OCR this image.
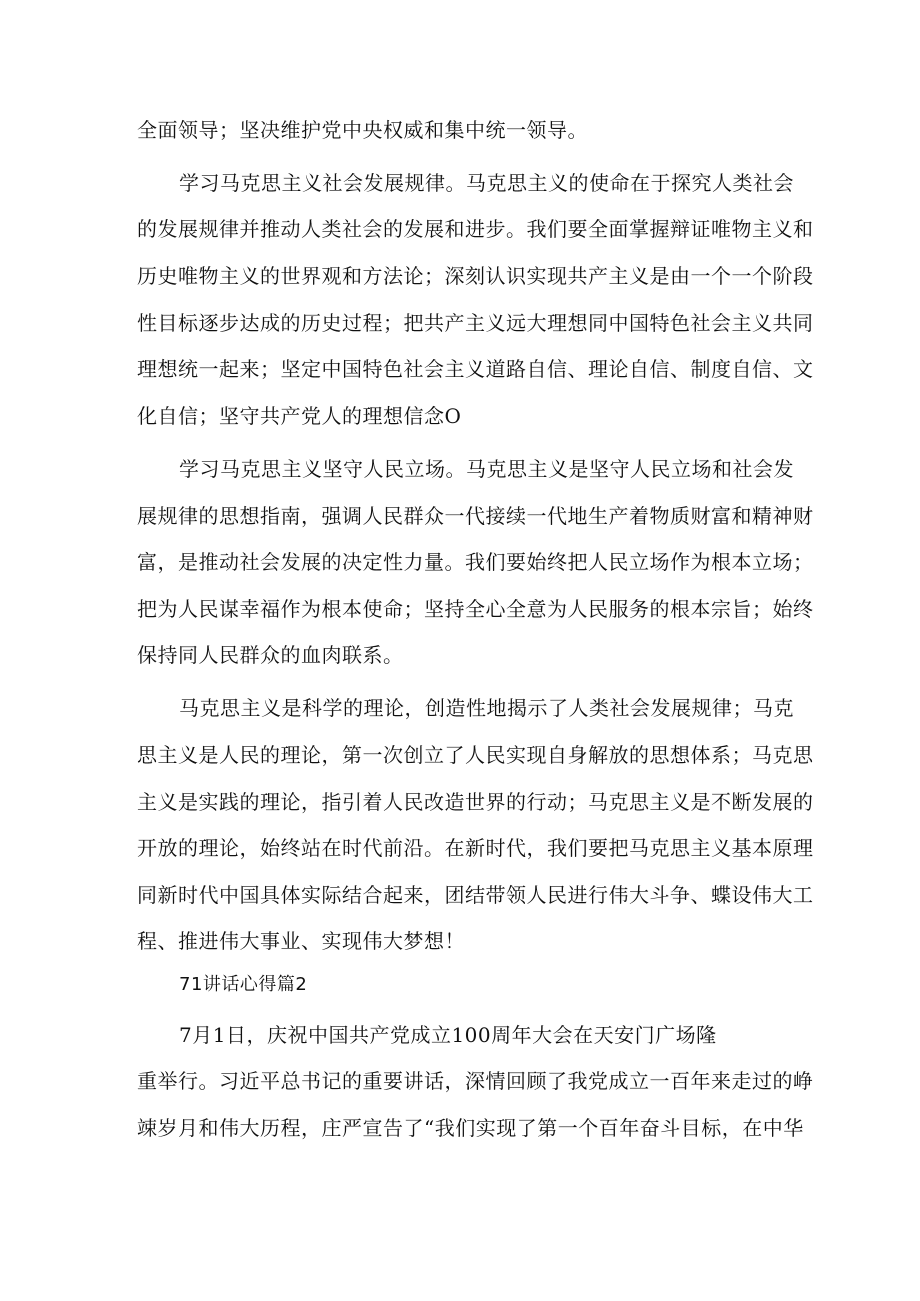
全面领导；坚决维护党中央权威和集中统一领导。
学习马克思主义社会发展规律。马克思主义的使命在于探究人类社会
的发展规律并推动人类社会的发展和进步。我们要全面掌握辩证唯物主义和
历史唯物主义的世界观和方法论；深刻认识实现共产主义是由一个一个阶段
性目标逐步达成的历史过程；把共产主义远大理想同中国特色社会主义共同
理想统一起来；坚定中国特色社会主义道路自信、理论自信、制度自信、文
化自信；坚守共产党人的理想信念O
学习马克思主义坚守人民立场。马克思主义是坚守人民立场和社会发
展规律的思想指南，强调人民群众一代接续一代地生产着物质财富和精神财
富，是推动社会发展的决定性力量。我们要始终把人民立场作为根本立场；
把为人民谋幸福作为根本使命；坚持全心全意为人民服务的根本宗旨；始终
保持同人民群众的血肉联系。
马克思主义是科学的理论，创造性地揭示了人类社会发展规律；马克
思主义是人民的理论，第一次创立了人民实现自身解放的思想体系；马克思
主义是实践的理论，指引着人民改造世界的行动；马克思主义是不断发展的
开放的理论，始终站在时代前沿。在新时代，我们要把马克思主义基本原理
同新时代中国具体实际结合起来，团结带领人民进行伟大斗争、蝶设伟大工
程、推进伟大事业、实现伟大梦想！
71讲话心得篇2
7月1日，庆祝中国共产党成立100周年大会在天安门广场隆
重举行。习近平总书记的重要讲话，深情回顾了我党成立一百年来走过的峥
竦岁月和伟大历程，庄严宣告了“我们实现了第一个百年奋斗目标，在中华
